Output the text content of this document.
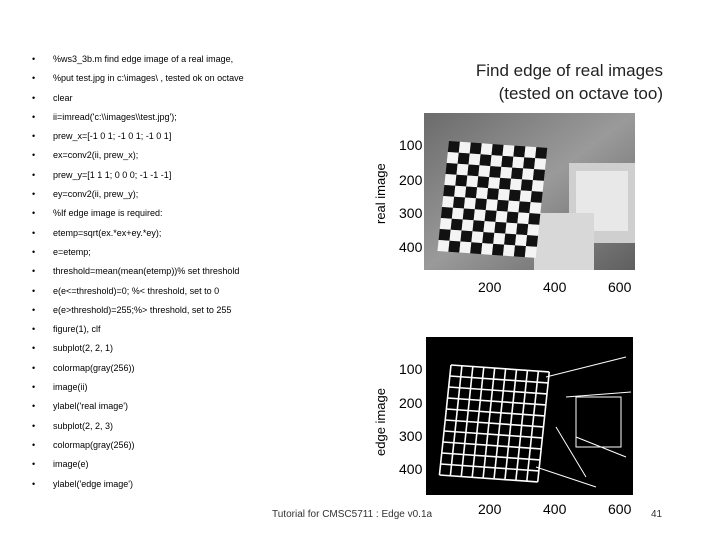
• %ws3_3b.m find edge image of a real image,
• %put test.jpg in c:\images\ , tested ok on octave
• clear
• ii=imread('c:\\images\\test.jpg');
• prew_x=[-1 0 1; -1 0 1; -1 0 1]
• ex=conv2(ii, prew_x);
• prew_y=[1 1 1; 0 0 0; -1 -1 -1]
• ey=conv2(ii, prew_y);
• %If edge image is required:
• etemp=sqrt(ex.*ex+ey.*ey);
• e=etemp;
• threshold=mean(mean(etemp))% set threshold
• e(e<=threshold)=0; %< threshold, set to 0
• e(e>threshold)=255;%> threshold, set to 255
• figure(1), clf
• subplot(2, 2, 1)
• colormap(gray(256))
• image(ii)
• ylabel('real image')
• subplot(2, 2, 3)
• colormap(gray(256))
• image(e)
• ylabel('edge image')
Find edge of real images
(tested on octave too)
real image
100
200
300
400
200	400	600
edge image
100
200
300
400
200	400	600
Tutorial for CMSC5711 : Edge v0.1a	41
